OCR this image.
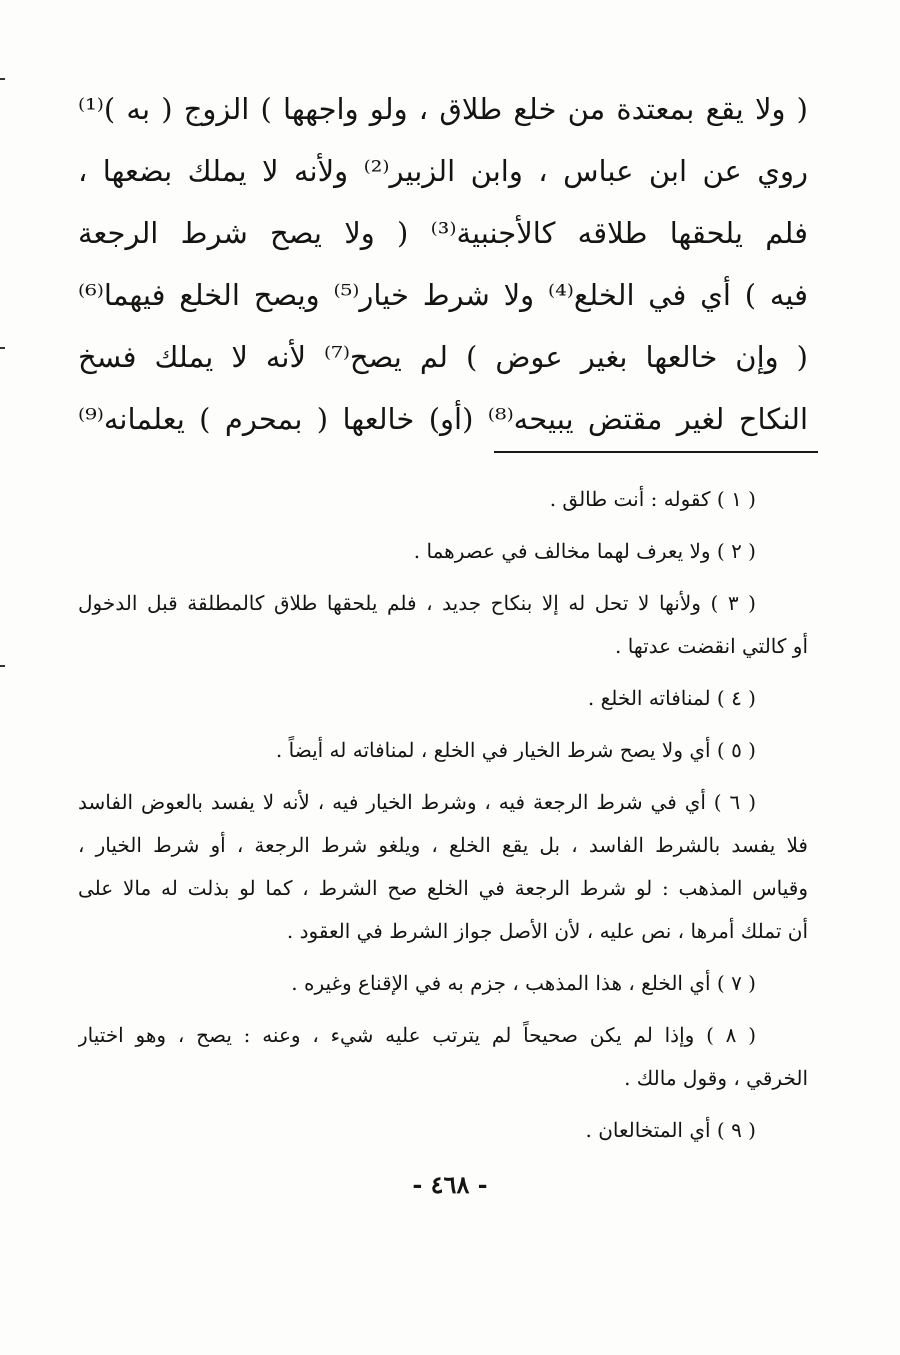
( ولا يقع بمعتدة من خلع طلاق ، ولو واجهها ) الزوج ( به )⁽¹⁾
روي عن ابن عباس ، وابن الزبير⁽²⁾ ولأنه لا يملك بضعها ،
فلم يلحقها طلاقه كالأجنبية⁽³⁾ ( ولا يصح شرط الرجعة
فيه ) أي في الخلع⁽⁴⁾ ولا شرط خيار⁽⁵⁾ ويصح الخلع فيهما⁽⁶⁾
( وإن خالعها بغير عوض ) لم يصح⁽⁷⁾ لأنه لا يملك فسخ
النكاح لغير مقتض يبيحه⁽⁸⁾ (أو) خالعها ( بمحرم ) يعلمانه⁽⁹⁾
( ١ ) كقوله : أنت طالق .
( ٢ ) ولا يعرف لهما مخالف في عصرهما .
( ٣ ) ولأنها لا تحل له إلا بنكاح جديد ، فلم يلحقها طلاق كالمطلقة قبل الدخول
أو كالتي انقضت عدتها .
( ٤ ) لمنافاته الخلع .
( ٥ ) أي ولا يصح شرط الخيار في الخلع ، لمنافاته له أيضاً .
( ٦ ) أي في شرط الرجعة فيه ، وشرط الخيار فيه ، لأنه لا يفسد بالعوض الفاسد
فلا يفسد بالشرط الفاسد ، بل يقع الخلع ، ويلغو شرط الرجعة ، أو شرط الخيار ،
وقياس المذهب : لو شرط الرجعة في الخلع صح الشرط ، كما لو بذلت له مالا على
أن تملك أمرها ، نص عليه ، لأن الأصل جواز الشرط في العقود .
( ٧ ) أي الخلع ، هذا المذهب ، جزم به في الإقناع وغيره .
( ٨ ) وإذا لم يكن صحيحاً لم يترتب عليه شيء ، وعنه : يصح ، وهو اختيار
الخرقي ، وقول مالك .
( ٩ ) أي المتخالعان .
- ٤٦٨ -
